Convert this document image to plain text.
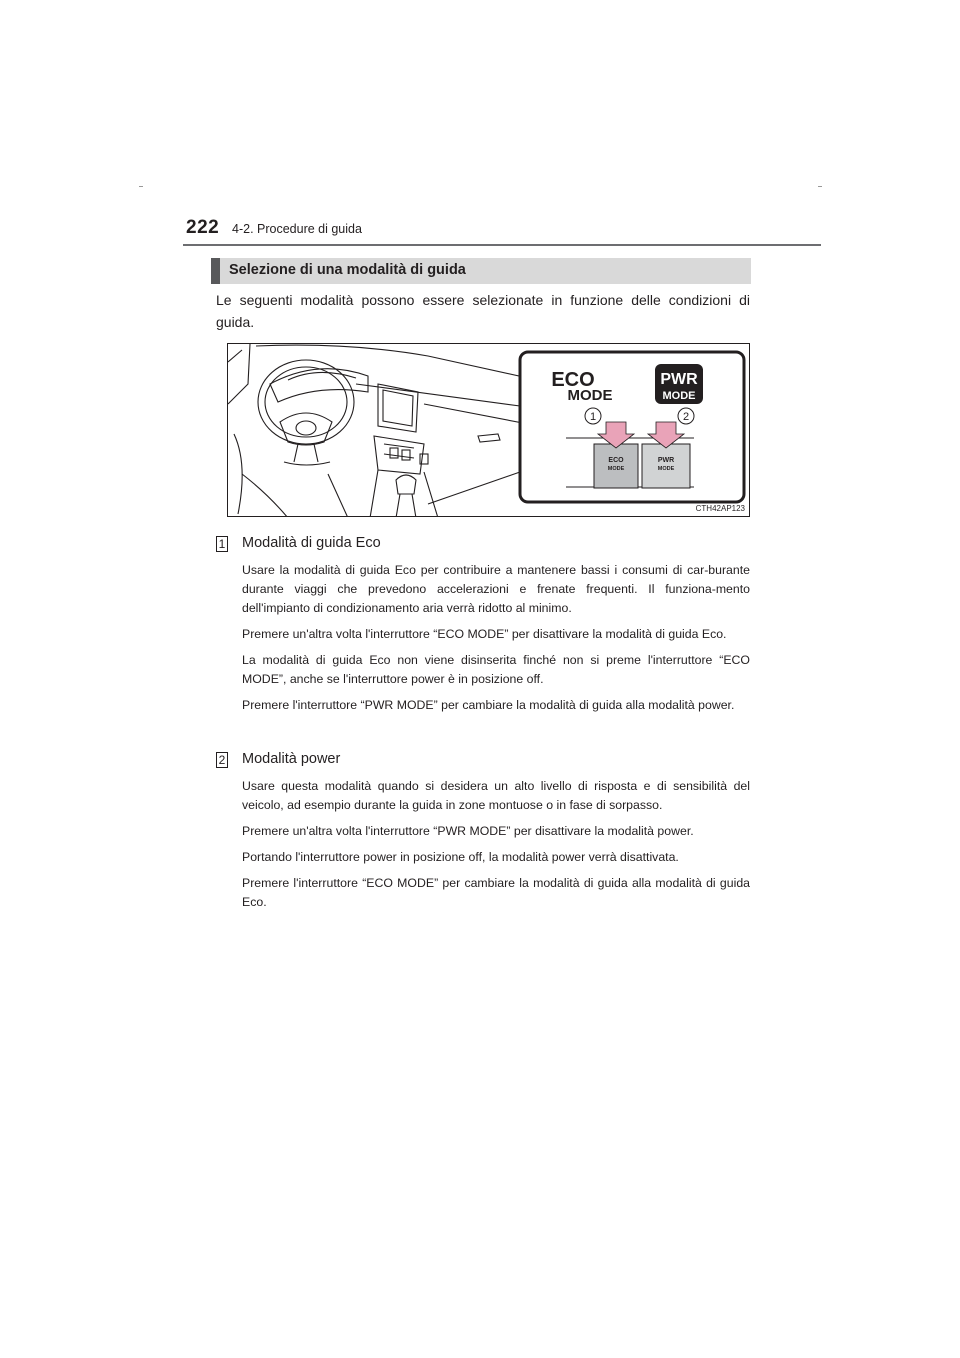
222 4-2. Procedure di guida
Selezione di una modalità di guida
Le seguenti modalità possono essere selezionate in funzione delle condizioni di guida.
ECO
MODE
PWR
MODE
1	2
ECO
MODE
PWR
MODE
CTH42AP123
1 Modalità di guida Eco

Usare la modalità di guida Eco per contribuire a mantenere bassi i consumi di car-burante durante viaggi che prevedono accelerazioni e frenate frequenti. Il funziona-mento dell'impianto di condizionamento aria verrà ridotto al minimo.

Premere un'altra volta l'interruttore “ECO MODE” per disattivare la modalità di guida Eco.

La modalità di guida Eco non viene disinserita finché non si preme l'interruttore “ECO MODE”, anche se l'interruttore power è in posizione off.

Premere l'interruttore “PWR MODE” per cambiare la modalità di guida alla modalità power.

2 Modalità power

Usare questa modalità quando si desidera un alto livello di risposta e di sensibilità del veicolo, ad esempio durante la guida in zone montuose o in fase di sorpasso.

Premere un'altra volta l'interruttore “PWR MODE” per disattivare la modalità power.

Portando l'interruttore power in posizione off, la modalità power verrà disattivata.

Premere l'interruttore “ECO MODE” per cambiare la modalità di guida alla modalità di guida Eco.
